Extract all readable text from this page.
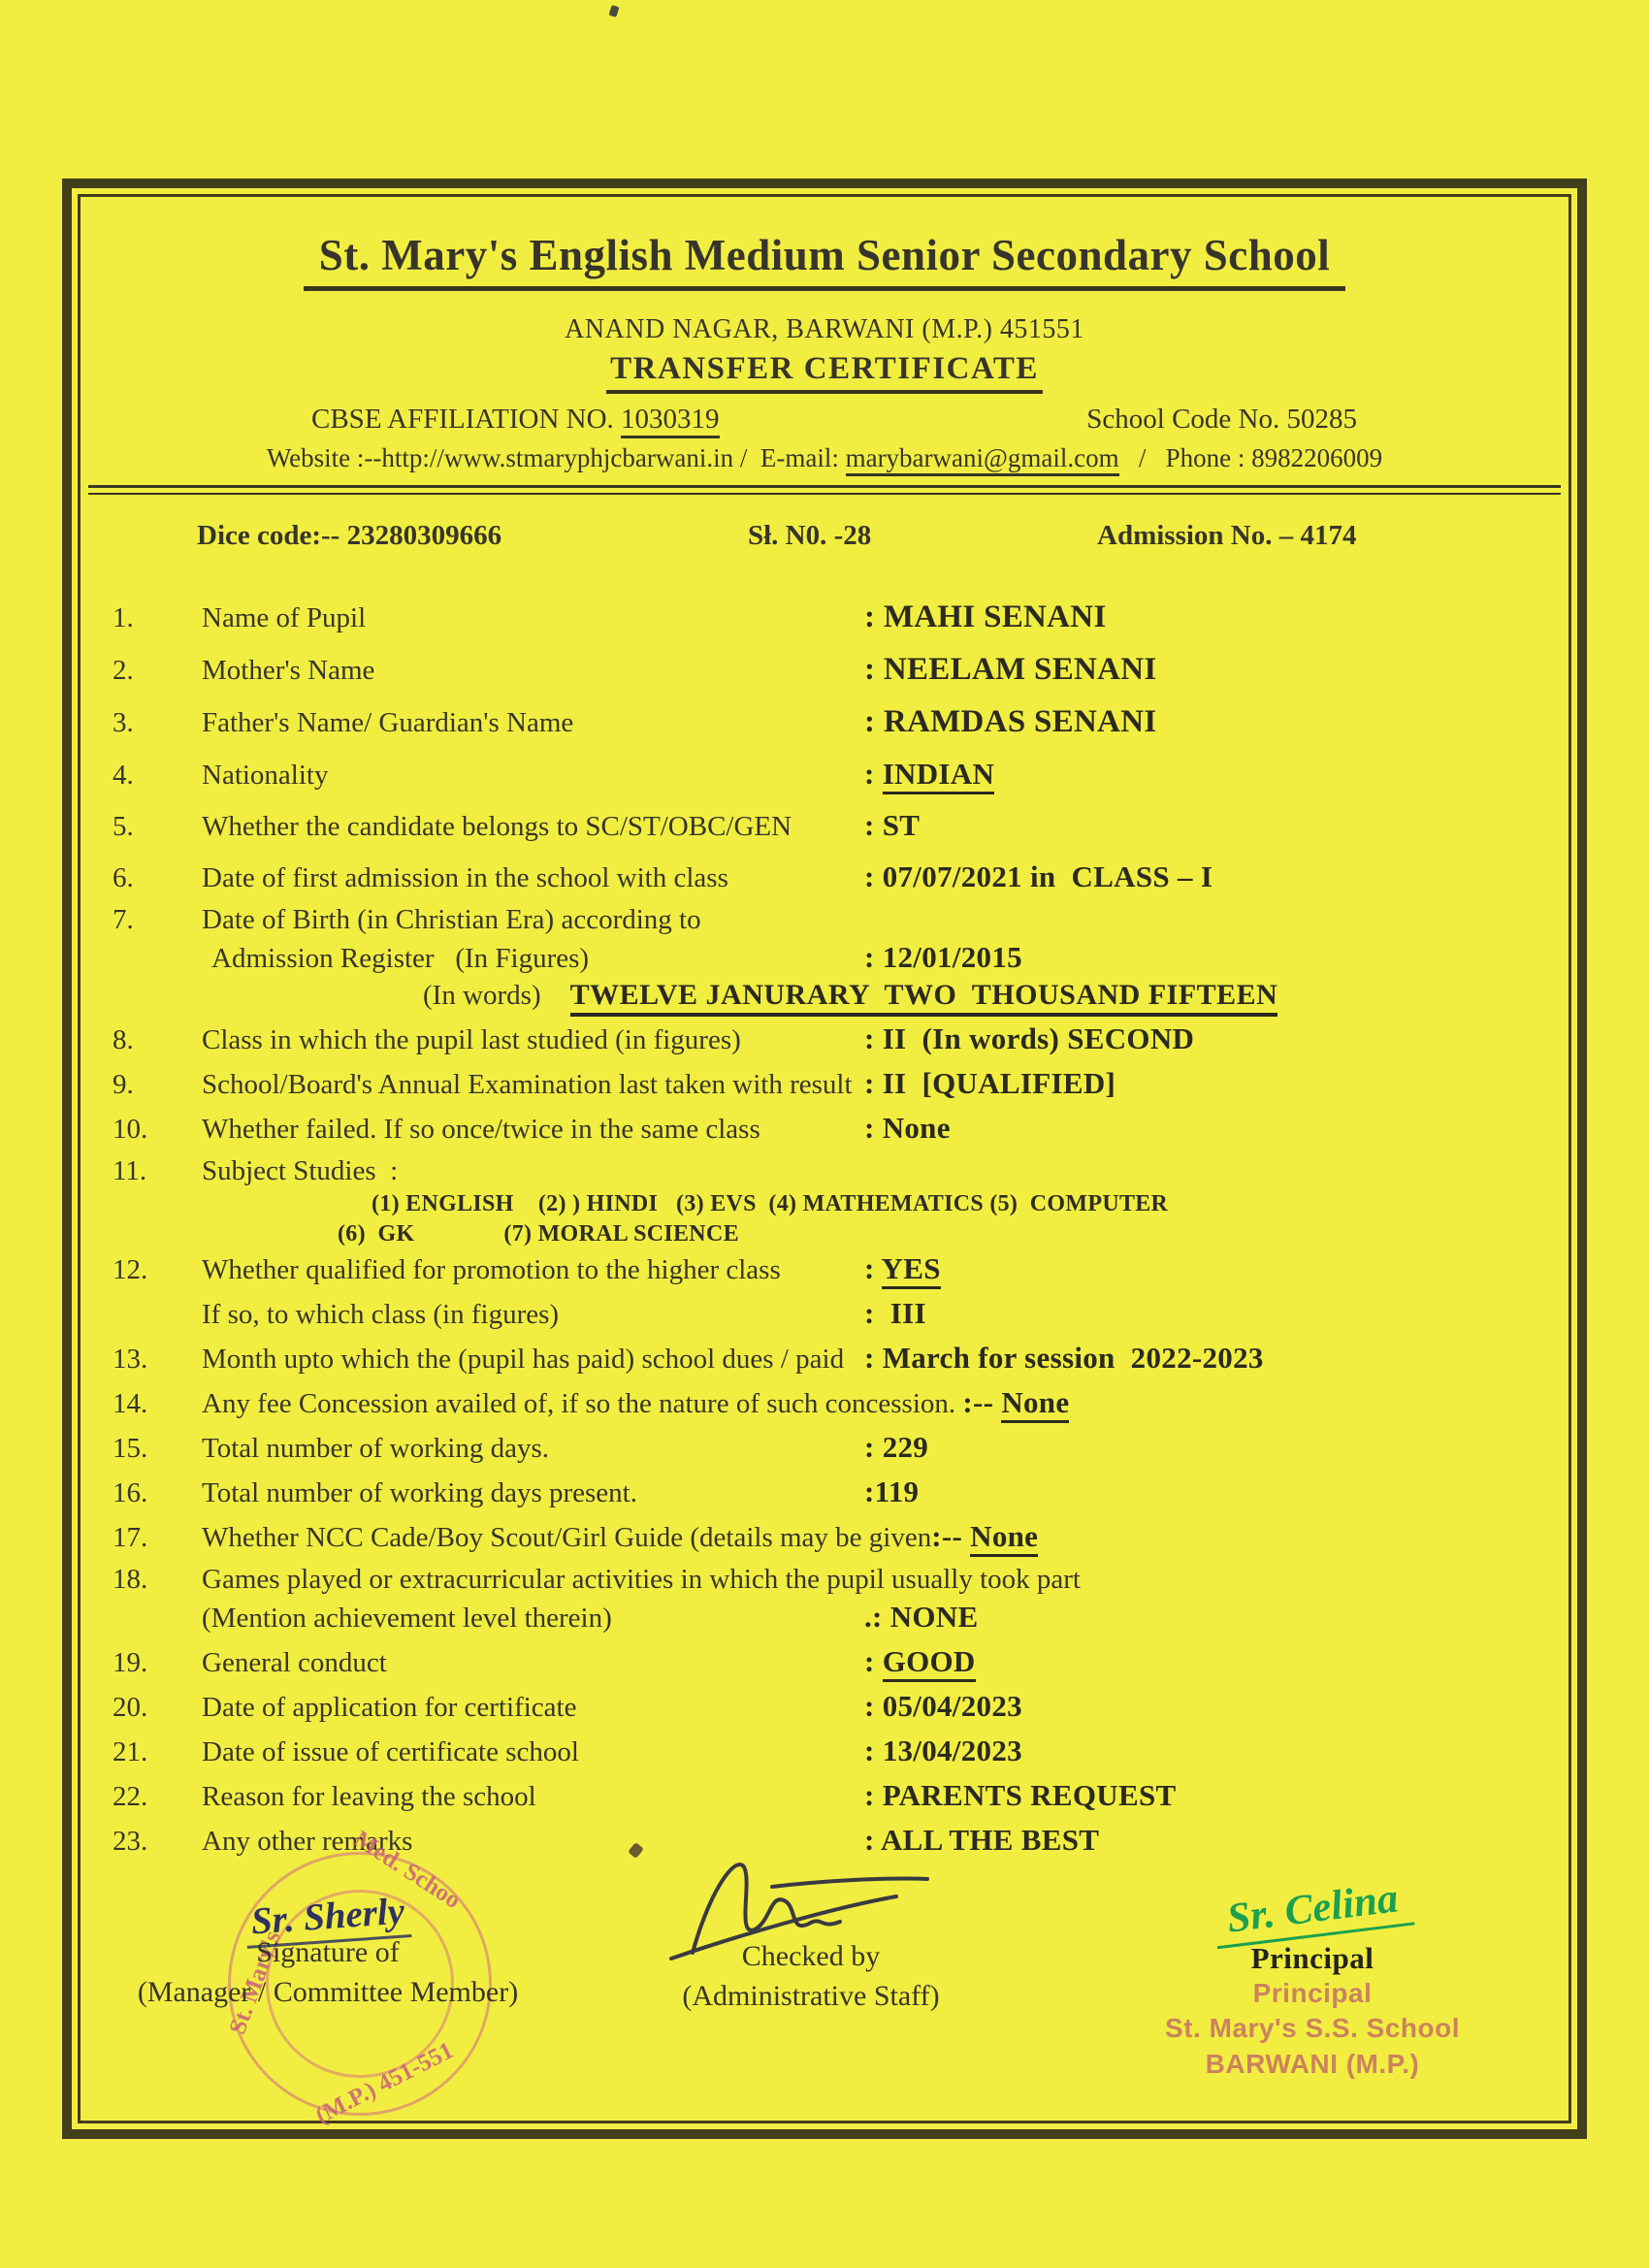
St. Mary's English Medium Senior Secondary School
ANAND NAGAR, BARWANI (M.P.) 451551
TRANSFER CERTIFICATE
CBSE AFFILIATION NO. 1030319	School Code No. 50285
Website :--http://www.stmaryphjcbarwani.in /  E-mail: marybarwani@gmail.com   /   Phone : 8982206009
Dice code:-- 23280309666	Sł. N0. -28	Admission No. – 4174
1.	Name of Pupil	: MAHI SENANI
2.	Mother's Name	: NEELAM SENANI
3.	Father's Name/ Guardian's Name	: RAMDAS SENANI
4.	Nationality	: INDIAN
5.	Whether the candidate belongs to SC/ST/OBC/GEN	: ST
6.	Date of first admission in the school with class	: 07/07/2021 in  CLASS – I
7.	Date of Birth (in Christian Era) according to
Admission Register   (In Figures)	: 12/01/2015
(In words) TWELVE JANURARY  TWO  THOUSAND FIFTEEN
8.	Class in which the pupil last studied (in figures)	: II  (In words) SECOND
9.	School/Board's Annual Examination last taken with result : II  [QUALIFIED]
10.	Whether failed. If so once/twice in the same class	: None
11.	Subject Studies  :
(1) ENGLISH    (2) ) HINDI   (3) EVS  (4) MATHEMATICS (5)  COMPUTER
(6)  GK	(7) MORAL SCIENCE
12.	Whether qualified for promotion to the higher class	: YES
If so, to which class (in figures)	:  III
13.	Month upto which the (pupil has paid) school dues / paid : March for session  2022-2023
14.	Any fee Concession availed of, if so the nature of such concession. :-- None
15.	Total number of working days.	: 229
16.	Total number of working days present.	:119
17.	Whether NCC Cade/Boy Scout/Girl Guide (details may be given:-- None
18.	Games played or extracurricular activities in which the pupil usually took part
(Mention achievement level therein)	.: NONE
19.	General conduct	: GOOD
20.	Date of application for certificate	: 05/04/2023
21.	Date of issue of certificate school	: 13/04/2023
22.	Reason for leaving the school	: PARENTS REQUEST
23.	Any other remarks	: ALL THE BEST
Med. Schoo
St. Mary's
(M.P.) 451-551
Sr. Sherly
Signature of
(Manager / Committee Member)
Checked by
(Administrative Staff)
Sr. Celina
Principal
Principal
St. Mary's S.S. School
BARWANI (M.P.)
